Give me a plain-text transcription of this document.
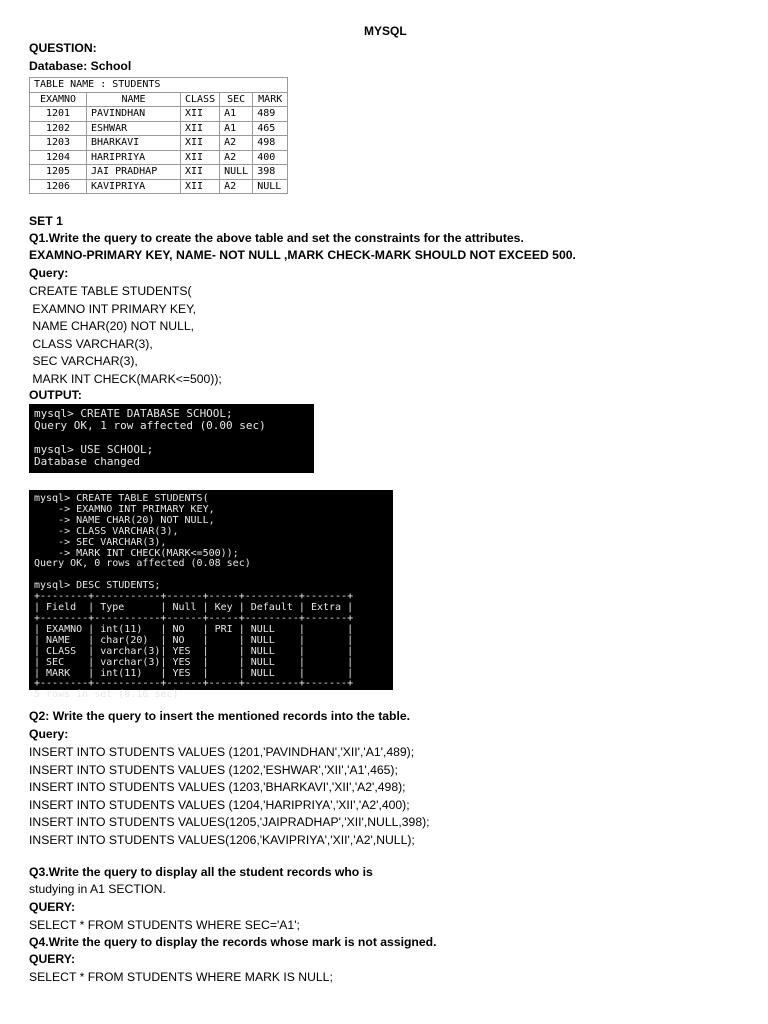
MYSQL
QUESTION:
Database: School
TABLE NAME : STUDENTS				
EXAMNO	NAME	CLASS	SEC	MARK
1201	PAVINDHAN	XII	A1	489
1202	ESHWAR	XII	A1	465
1203	BHARKAVI	XII	A2	498
1204	HARIPRIYA	XII	A2	400
1205	JAI PRADHAP	XII	NULL	398
1206	KAVIPRIYA	XII	A2	NULL
SET 1
Q1.Write the query to create the above table and set the constraints for the attributes.
EXAMNO-PRIMARY KEY, NAME- NOT NULL ,MARK CHECK-MARK SHOULD NOT EXCEED 500.
Query:
CREATE TABLE STUDENTS(
EXAMNO INT PRIMARY KEY,
NAME CHAR(20) NOT NULL,
CLASS VARCHAR(3),
SEC VARCHAR(3),
MARK INT CHECK(MARK<=500));
OUTPUT:
mysql> CREATE DATABASE SCHOOL;
Query OK, 1 row affected (0.00 sec)

mysql> USE SCHOOL;
Database changed
mysql> CREATE TABLE STUDENTS(
-> EXAMNO INT PRIMARY KEY,
-> NAME CHAR(20) NOT NULL,
-> CLASS VARCHAR(3),
-> SEC VARCHAR(3),
-> MARK INT CHECK(MARK<=500));
Query OK, 0 rows affected (0.08 sec)

mysql> DESC STUDENTS;
+--------+-----------+------+-----+---------+-------+
| Field  | Type      | Null | Key | Default | Extra |
+--------+-----------+------+-----+---------+-------+
| EXAMNO | int(11)   | NO   | PRI | NULL    |       |
| NAME   | char(20)  | NO   |     | NULL    |       |
| CLASS  | varchar(3)| YES  |     | NULL    |       |
| SEC    | varchar(3)| YES  |     | NULL    |       |
| MARK   | int(11)   | YES  |     | NULL    |       |
+--------+-----------+------+-----+---------+-------+
5 rows in set (0.16 sec)
Q2: Write the query to insert the mentioned records into the table.
Query:
INSERT INTO STUDENTS VALUES (1201,'PAVINDHAN','XII','A1',489);
INSERT INTO STUDENTS VALUES (1202,'ESHWAR','XII','A1',465);
INSERT INTO STUDENTS VALUES (1203,'BHARKAVI','XII','A2',498);
INSERT INTO STUDENTS VALUES (1204,'HARIPRIYA','XII','A2',400);
INSERT INTO STUDENTS VALUES(1205,'JAIPRADHAP','XII',NULL,398);
INSERT INTO STUDENTS VALUES(1206,'KAVIPRIYA','XII','A2',NULL);
Q3.Write the query to display all the student records who is
studying in A1 SECTION.
QUERY:
SELECT * FROM STUDENTS WHERE SEC='A1';
Q4.Write the query to display the records whose mark is not assigned.
QUERY:
SELECT * FROM STUDENTS WHERE MARK IS NULL;
